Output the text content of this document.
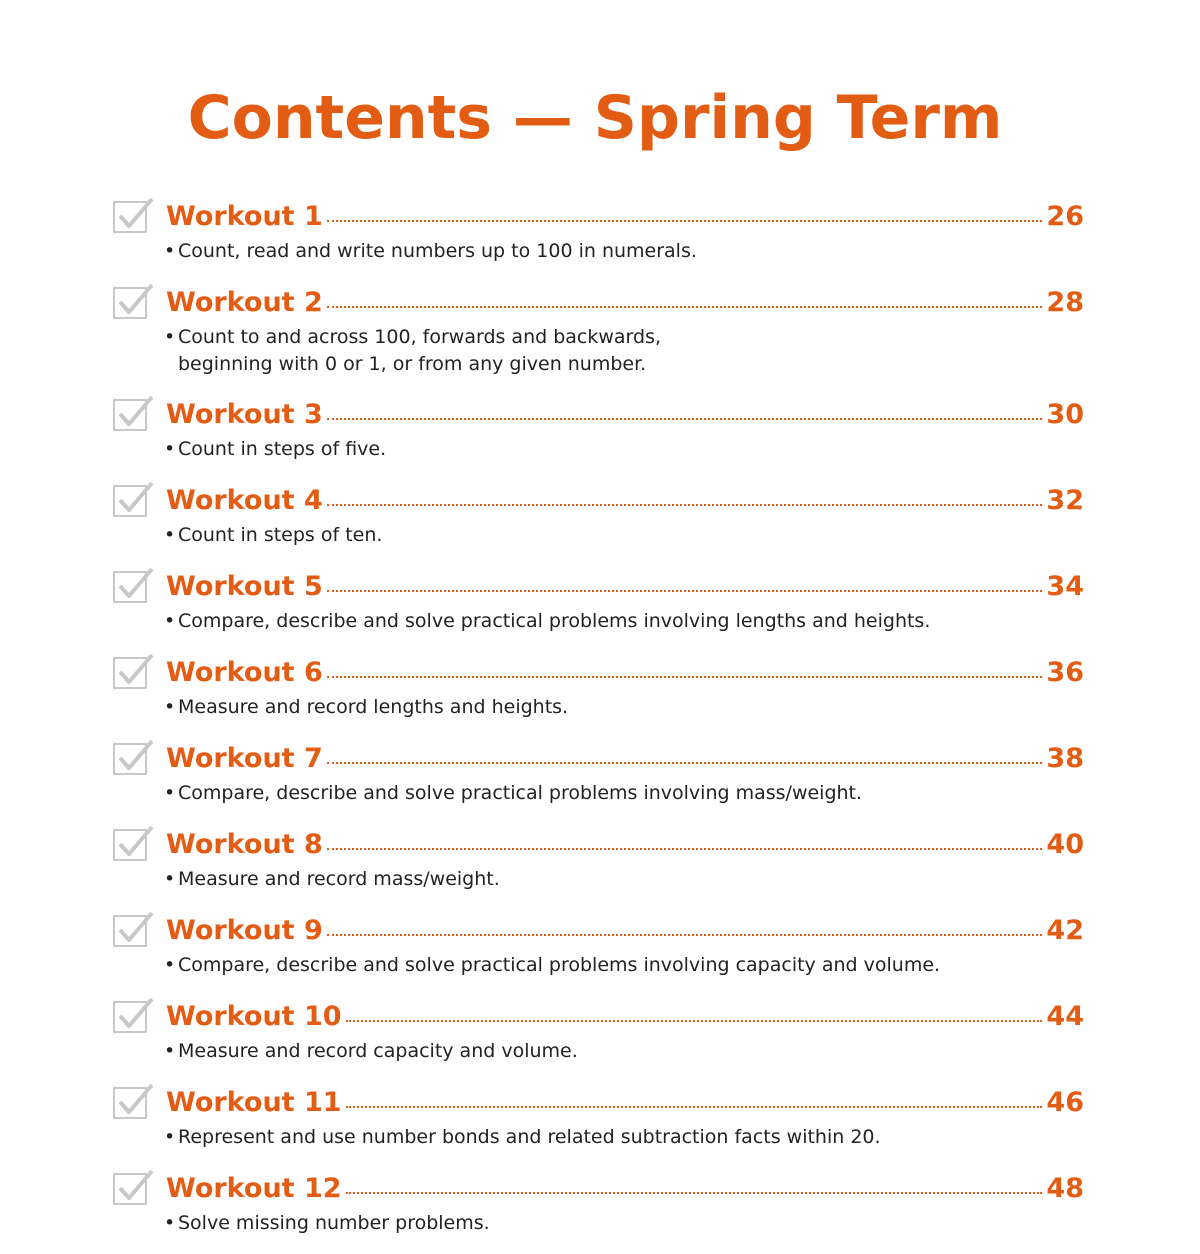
Contents — Spring Term
Workout 1	26

• Count, read and write numbers up to 100 in numerals.

Workout 2	28

• Count to and across 100, forwards and backwards,
beginning with 0 or 1, or from any given number.

Workout 3	30

• Count in steps of five.

Workout 4	32

• Count in steps of ten.

Workout 5	34

• Compare, describe and solve practical problems involving lengths and heights.

Workout 6	36

• Measure and record lengths and heights.

Workout 7	38

• Compare, describe and solve practical problems involving mass/weight.

Workout 8	40

• Measure and record mass/weight.

Workout 9	42

• Compare, describe and solve practical problems involving capacity and volume.

Workout 10	44

• Measure and record capacity and volume.

Workout 11	46

• Represent and use number bonds and related subtraction facts within 20.

Workout 12	48

• Solve missing number problems.
